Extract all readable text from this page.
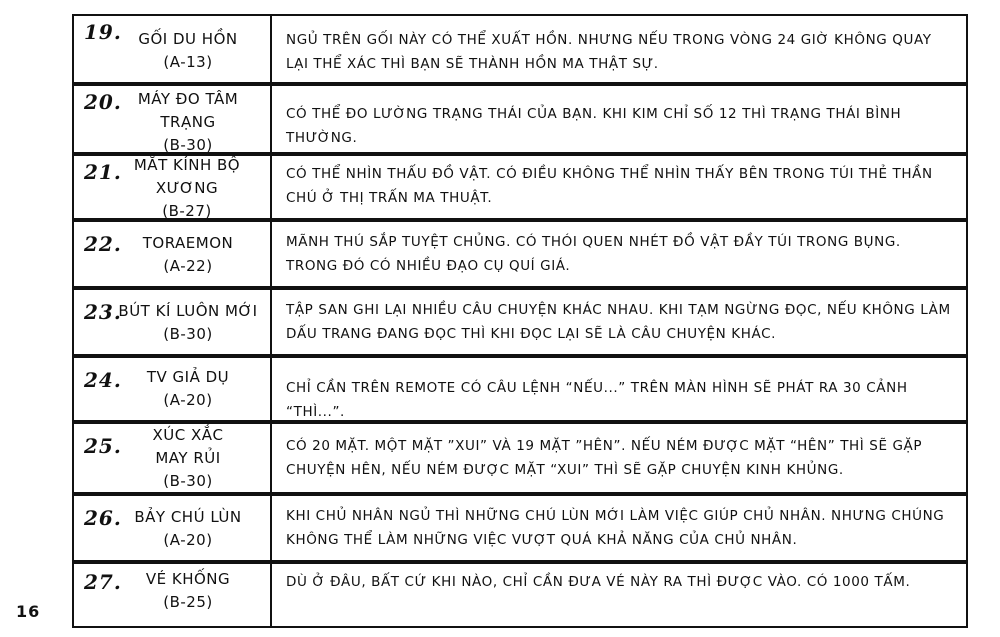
19.	GỐI DU HỒN
(A-13)
NGỦ TRÊN GỐI NÀY CÓ THỂ XUẤT HỒN. NHƯNG NẾU TRONG VÒNG 24 GIỜ KHÔNG QUAY LẠI THỂ XÁC THÌ BẠN SẼ THÀNH HỒN MA THẬT SỰ.
20.	MÁY ĐO TÂM TRẠNG
(B-30)
CÓ THỂ ĐO LƯỜNG TRẠNG THÁI CỦA BẠN. KHI KIM CHỈ SỐ 12 THÌ TRẠNG THÁI BÌNH THƯỜNG.
21. MẮT KÍNH BỘ XƯƠNG
(B-27)
CÓ THỂ NHÌN THẤU ĐỒ VẬT. CÓ ĐIỀU KHÔNG THỂ NHÌN THẤY BÊN TRONG TÚI THẺ THẦN CHÚ Ở THỊ TRẤN MA THUẬT.
22.	TORAEMON
(A-22)
MÃNH THÚ SẮP TUYỆT CHỦNG. CÓ THÓI QUEN NHÉT ĐỒ VẬT ĐẦY TÚI TRONG BỤNG. TRONG ĐÓ CÓ NHIỀU ĐẠO CỤ QUÍ GIÁ.
23.
BÚT KÍ LUÔN MỚI
(B-30)
TẬP SAN GHI LẠI NHIỀU CÂU CHUYỆN KHÁC NHAU. KHI TẠM NGỪNG ĐỌC, NẾU KHÔNG LÀM DẤU TRANG ĐANG ĐỌC THÌ KHI ĐỌC LẠI SẼ LÀ CÂU CHUYỆN KHÁC.
24.	TV GIẢ DỤ
(A-20)
CHỈ CẦN TRÊN REMOTE CÓ CÂU LỆNH “NẾU...” TRÊN MÀN HÌNH SẼ PHÁT RA 30 CẢNH “THÌ...”.
25.	XÚC XẮC MAY RỦI
(B-30)
CÓ 20 MẶT. MỘT MẶT ”XUI” VÀ 19 MẶT ”HÊN”. NẾU NÉM ĐƯỢC MẶT “HÊN” THÌ SẼ GẶP CHUYỆN HÊN, NẾU NÉM ĐƯỢC MẶT “XUI” THÌ SẼ GẶP CHUYỆN KINH KHỦNG.
26. BẢY CHÚ LÙN
(A-20)
KHI CHỦ NHÂN NGỦ THÌ NHỮNG CHÚ LÙN MỚI LÀM VIỆC GIÚP CHỦ NHÂN. NHƯNG CHÚNG KHÔNG THỂ LÀM NHỮNG VIỆC VƯỢT QUÁ KHẢ NĂNG CỦA CHỦ NHÂN.
27.	VÉ KHỐNG
(B-25)
DÙ Ở ĐÂU, BẤT CỨ KHI NÀO, CHỈ CẦN ĐƯA VÉ NÀY RA THÌ ĐƯỢC VÀO. CÓ 1000 TẤM.
16
